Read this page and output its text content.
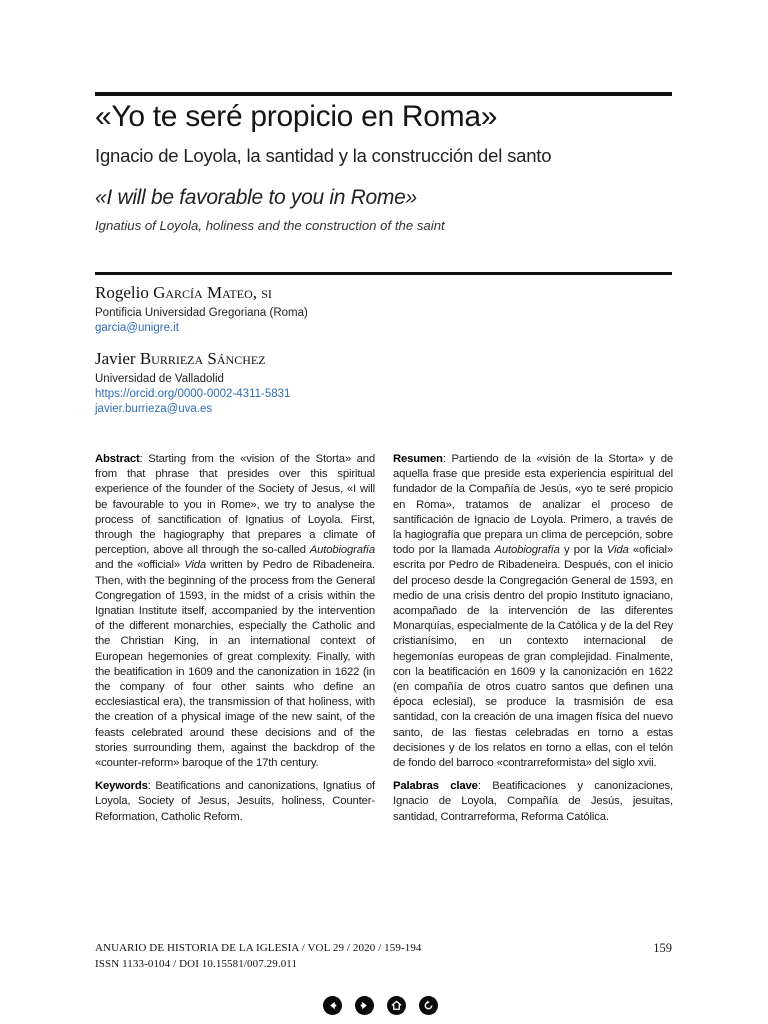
«Yo te seré propicio en Roma»
Ignacio de Loyola, la santidad y la construcción del santo
«I will be favorable to you in Rome»
Ignatius of Loyola, holiness and the construction of the saint
Rogelio García Mateo, si
Pontificia Universidad Gregoriana (Roma)
garcia@unigre.it
Javier Burrieza Sánchez
Universidad de Valladolid
https://orcid.org/0000-0002-4311-5831
javier.burrieza@uva.es

Abstract: Starting from the «vision of the Storta» and from that phrase that presides over this spiritual experience of the founder of the Society of Jesus, «I will be favourable to you in Rome», we try to analyse the process of sanctification of Ignatius of Loyola. First, through the hagiography that prepares a climate of perception, above all through the so-called Autobiografía and the «official» Vida written by Pedro de Ribadeneira. Then, with the beginning of the process from the General Congregation of 1593, in the midst of a crisis within the Ignatian Institute itself, accompanied by the intervention of the different monarchies, especially the Catholic and the Christian King, in an international context of European hegemonies of great complexity. Finally, with the beatification in 1609 and the canonization in 1622 (in the company of four other saints who define an ecclesiastical era), the transmission of that holiness, with the creation of a physical image of the new saint, of the feasts celebrated around these decisions and of the stories surrounding them, against the backdrop of the «counter-reform» baroque of the 17th century.

Keywords: Beatifications and canonizations, Ignatius of Loyola, Society of Jesus, Jesuits, holiness, Counter-Reformation, Catholic Reform.

Resumen: Partiendo de la «visión de la Storta» y de aquella frase que preside esta experiencia espiritual del fundador de la Compañía de Jesús, «yo te seré propicio en Roma», tratamos de analizar el proceso de santificación de Ignacio de Loyola. Primero, a través de la hagiografía que prepara un clima de percepción, sobre todo por la llamada Autobiografía y por la Vida «oficial» escrita por Pedro de Ribadeneira. Después, con el inicio del proceso desde la Congregación General de 1593, en medio de una crisis dentro del propio Instituto ignaciano, acompañado de la intervención de las diferentes Monarquías, especialmente de la Católica y de la del Rey cristianísimo, en un contexto internacional de hegemonías europeas de gran complejidad. Finalmente, con la beatificación en 1609 y la canonización en 1622 (en compañía de otros cuatro santos que definen una época eclesial), se produce la trasmisión de esa santidad, con la creación de una imagen física del nuevo santo, de las fiestas celebradas en torno a estas decisiones y de los relatos en torno a ellas, con el telón de fondo del barroco «contrarreformista» del siglo xvii.

Palabras clave: Beatificaciones y canonizaciones, Ignacio de Loyola, Compañía de Jesús, jesuitas, santidad, Contrarreforma, Reforma Católica.

ANUARIO DE HISTORIA DE LA IGLESIA / VOL 29 / 2020 / 159-194
ISSN 1133-0104 / DOI 10.15581/007.29.011
159
